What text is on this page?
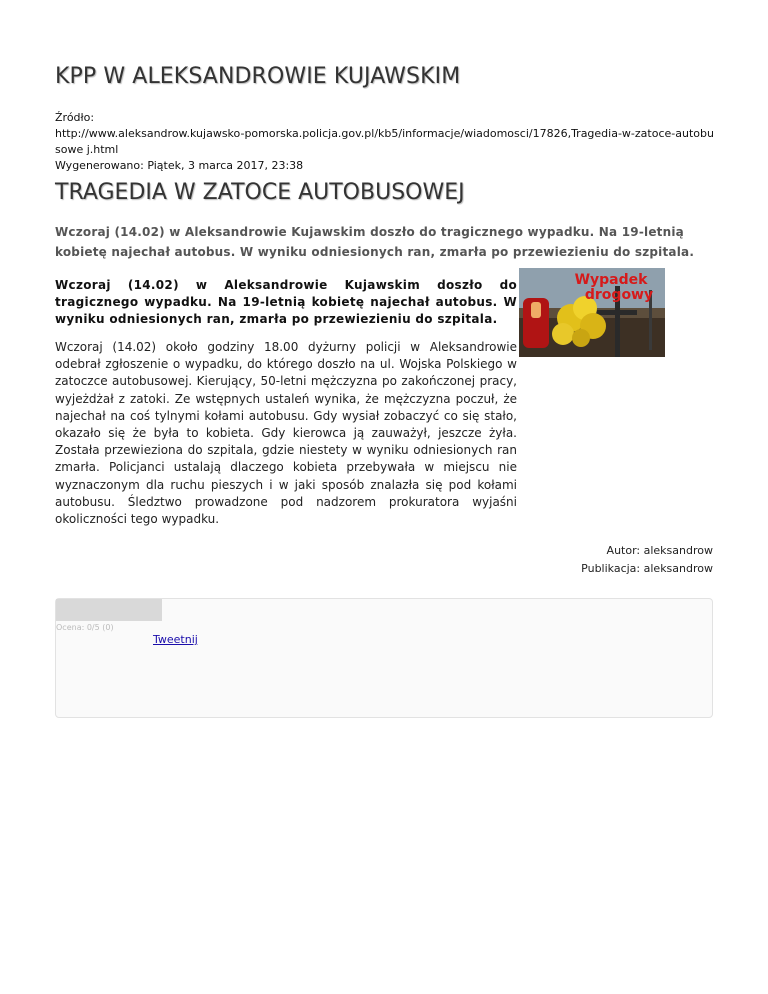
KPP W ALEKSANDROWIE KUJAWSKIM
Źródło:
http://www.aleksandrow.kujawsko-pomorska.policja.gov.pl/kb5/informacje/wiadomosci/17826,Tragedia-w-zatoce-autobusowe j.html
Wygenerowano: Piątek, 3 marca 2017, 23:38
TRAGEDIA W ZATOCE AUTOBUSOWEJ
Wczoraj (14.02) w Aleksandrowie Kujawskim doszło do tragicznego wypadku. Na 19-letnią kobietę najechał autobus. W wyniku odniesionych ran, zmarła po przewiezieniu do szpitala.
Wczoraj (14.02) w Aleksandrowie Kujawskim doszło do tragicznego wypadku. Na 19-letnią kobietę najechał autobus. W wyniku odniesionych ran, zmarła po przewiezieniu do szpitala.
Wypadek
drogowy
Wczoraj (14.02) około godziny 18.00 dyżurny policji w Aleksandrowie odebrał zgłoszenie o wypadku, do którego doszło na ul. Wojska Polskiego w zatoczce autobusowej. Kierujący, 50-letni mężczyzna po zakończonej pracy, wyjeżdżał z zatoki. Ze wstępnych ustaleń wynika, że mężczyzna poczuł, że najechał na coś tylnymi kołami autobusu. Gdy wysiał zobaczyć co się stało, okazało się że była to kobieta. Gdy kierowca ją zauważył, jeszcze żyła. Została przewieziona do szpitala, gdzie niestety w wyniku odniesionych ran zmarła. Policjanci ustalają dlaczego kobieta przebywała w miejscu nie wyznaczonym dla ruchu pieszych i w jaki sposób znalazła się pod kołami autobusu. Śledztwo prowadzone pod nadzorem prokuratora wyjaśni okoliczności tego wypadku.
Autor: aleksandrow
Publikacja: aleksandrow
Ocena: 0/5 (0)
Tweetnij
